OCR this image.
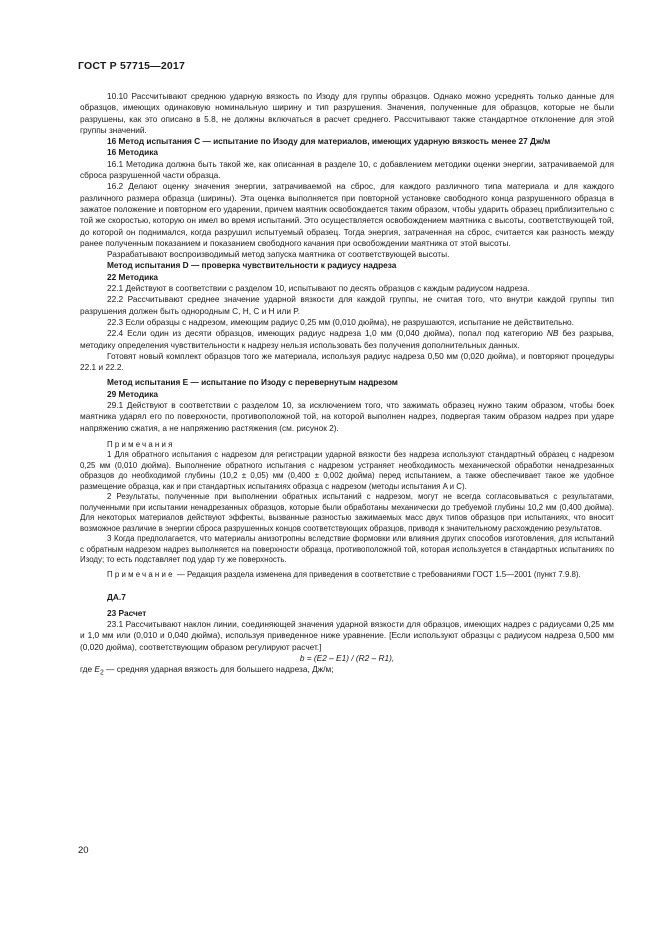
ГОСТ Р 57715—2017

10.10 Рассчитывают среднюю ударную вязкость по Изоду для группы образцов. Однако можно усреднять только данные для образцов, имеющих одинаковую номинальную ширину и тип разрушения. Значения, полученные для образцов, которые не были разрушены, как это описано в 5.8, не должны включаться в расчет среднего. Рассчитывают также стандартное отклонение для этой группы значений.

16 Метод испытания C — испытание по Изоду для материалов, имеющих ударную вязкость менее 27 Дж/м

16 Методика

16.1 Методика должна быть такой же, как описанная в разделе 10, с добавлением методики оценки энергии, затрачиваемой для сброса разрушенной части образца.

16.2 Делают оценку значения энергии, затрачиваемой на сброс, для каждого различного типа материала и для каждого различного размера образца (ширины). Эта оценка выполняется при повторной установке свободного конца разрушенного образца в зажатое положение и повторном его ударении, причем маятник освобождается таким образом, чтобы ударить образец приблизительно с той же скоростью, которую он имел во время испытаний. Это осуществляется освобождением маятника с высоты, соответствующей той, до которой он поднимался, когда разрушил испытуемый образец. Тогда энергия, затраченная на сброс, считается как разность между ранее полученным показанием и показанием свободного качания при освобождении маятника от этой высоты.

Разрабатывают воспроизводимый метод запуска маятника от соответствующей высоты.

Метод испытания D — проверка чувствительности к радиусу надреза

22 Методика

22.1 Действуют в соответствии с разделом 10, испытывают по десять образцов с каждым радиусом надреза.

22.2 Рассчитывают среднее значение ударной вязкости для каждой группы, не считая того, что внутри каждой группы тип разрушения должен быть однородным C, H, C и H или P.

22.3 Если образцы с надрезом, имеющим радиус 0,25 мм (0,010 дюйма), не разрушаются, испытание не действительно.

22.4 Если один из десяти образцов, имеющих радиус надреза 1,0 мм (0,040 дюйма), попал под категорию NB без разрыва, методику определения чувствительности к надрезу нельзя использовать без получения дополнительных данных.

Готовят новый комплект образцов того же материала, используя радиус надреза 0,50 мм (0,020 дюйма), и повторяют процедуры 22.1 и 22.2.

Метод испытания E — испытание по Изоду с перевернутым надрезом

29 Методика

29.1 Действуют в соответствии с разделом 10, за исключением того, что зажимать образец нужно таким образом, чтобы боек маятника ударял его по поверхности, противоположной той, на которой выполнен надрез, подвергая таким образом надрез при ударе напряжению сжатия, а не напряжению растяжения (см. рисунок 2).

Примечания

1 Для обратного испытания с надрезом для регистрации ударной вязкости без надреза используют стандартный образец с надрезом 0,25 мм (0,010 дюйма). Выполнение обратного испытания с надрезом устраняет необходимость механической обработки ненадрезанных образцов до необходимой глубины (10,2 ± 0,05) мм (0,400 ± 0,002 дюйма) перед испытанием, а также обеспечивает такое же удобное размещение образца, как и при стандартных испытаниях образца с надрезом (методы испытания A и C).

2 Результаты, полученные при выполнении обратных испытаний с надрезом, могут не всегда согласовываться с результатами, полученными при испытании ненадрезанных образцов, которые были обработаны механически до требуемой глубины 10,2 мм (0,400 дюйма). Для некоторых материалов действуют эффекты, вызванные разностью зажимаемых масс двух типов образцов при испытаниях, что вносит возможное различие в энергии сброса разрушенных концов соответствующих образцов, приводя к значительному расхождению результатов.

3 Когда предполагается, что материалы анизотропны вследствие формовки или влияния других способов изготовления, для испытаний с обратным надрезом надрез выполняется на поверхности образца, противоположной той, которая используется в стандартных испытаниях по Изоду; то есть подставляет под удар ту же поверхность.

Примечание — Редакция раздела изменена для приведения в соответствие с требованиями ГОСТ 1.5—2001 (пункт 7.9.8).

ДА.7

23 Расчет

23.1 Рассчитывают наклон линии, соединяющей значения ударной вязкости для образцов, имеющих надрез с радиусами 0,25 мм и 1,0 мм или (0,010 и 0,040 дюйма), используя приведенное ниже уравнение. [Если используют образцы с радиусом надреза 0,500 мм (0,020 дюйма), соответствующим образом регулируют расчет.]

b = (E2 – E1) / (R2 – R1),

где $E_2$ — средняя ударная вязкость для большего надреза, Дж/м;

20
